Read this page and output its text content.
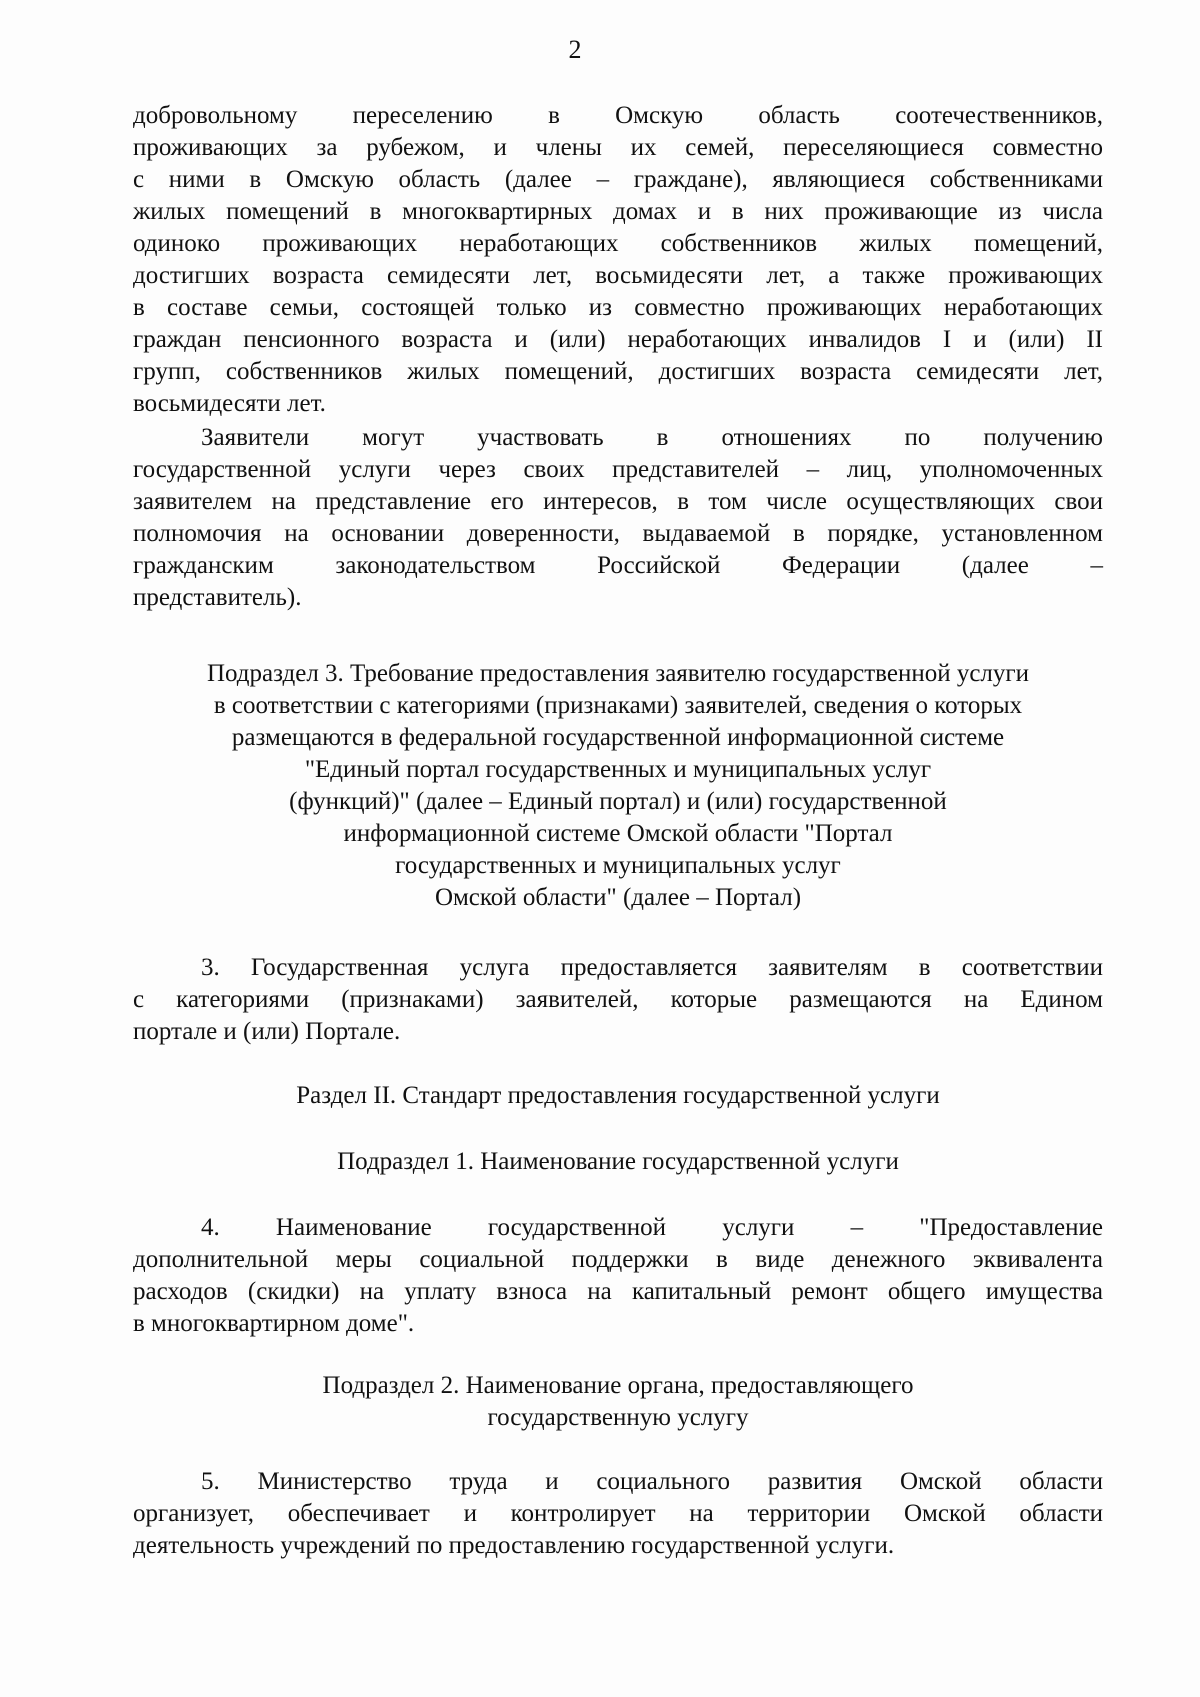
2
добровольному переселению в Омскую область соотечественников,
проживающих за рубежом, и члены их семей, переселяющиеся совместно
с ними в Омскую область (далее – граждане), являющиеся собственниками
жилых помещений в многоквартирных домах и в них проживающие из числа
одиноко проживающих неработающих собственников жилых помещений,
достигших возраста семидесяти лет, восьмидесяти лет, а также проживающих
в составе семьи, состоящей только из совместно проживающих неработающих
граждан пенсионного возраста и (или) неработающих инвалидов I и (или) II
групп, собственников жилых помещений, достигших возраста семидесяти лет,
восьмидесяти лет.
Заявители могут участвовать в отношениях по получению
государственной услуги через своих представителей – лиц, уполномоченных
заявителем на представление его интересов, в том числе осуществляющих свои
полномочия на основании доверенности, выдаваемой в порядке, установленном
гражданским законодательством Российской Федерации (далее –
представитель).
Подраздел 3. Требование предоставления заявителю государственной услуги
в соответствии с категориями (признаками) заявителей, сведения о которых
размещаются в федеральной государственной информационной системе
"Единый портал государственных и муниципальных услуг
(функций)" (далее – Единый портал) и (или) государственной
информационной системе Омской области "Портал
государственных и муниципальных услуг
Омской области" (далее – Портал)
3. Государственная услуга предоставляется заявителям в соответствии
с категориями (признаками) заявителей, которые размещаются на Едином
портале и (или) Портале.
Раздел II. Стандарт предоставления государственной услуги
Подраздел 1. Наименование государственной услуги
4. Наименование государственной услуги – "Предоставление
дополнительной меры социальной поддержки в виде денежного эквивалента
расходов (скидки) на уплату взноса на капитальный ремонт общего имущества
в многоквартирном доме".
Подраздел 2. Наименование органа, предоставляющего
государственную услугу
5. Министерство труда и социального развития Омской области
организует, обеспечивает и контролирует на территории Омской области
деятельность учреждений по предоставлению государственной услуги.
